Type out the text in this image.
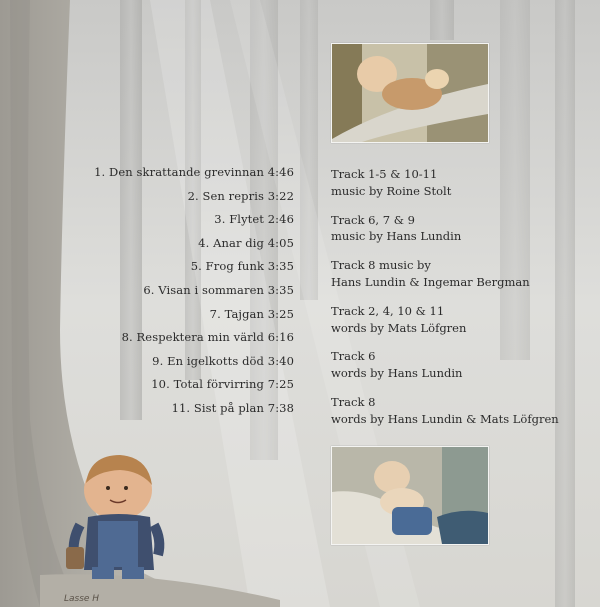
1. Den skrattande grevinnan 4:46
2. Sen repris 3:22
3. Flytet 2:46
4. Anar dig 4:05
5. Frog funk 3:35
6. Visan i sommaren 3:35
7. Tajgan 3:25
8. Respektera min värld 6:16
9. En igelkotts död 3:40
10. Total förvirring 7:25
11. Sist på plan 7:38
Track 1-5 & 10-11
music by Roine Stolt
Track 6, 7 & 9
music by Hans Lundin
Track 8 music by
Hans Lundin & Ingemar Bergman
Track 2, 4, 10 & 11
words by Mats Löfgren
Track 6
words by Hans Lundin
Track 8
words by Hans Lundin & Mats Löfgren
Lasse H
